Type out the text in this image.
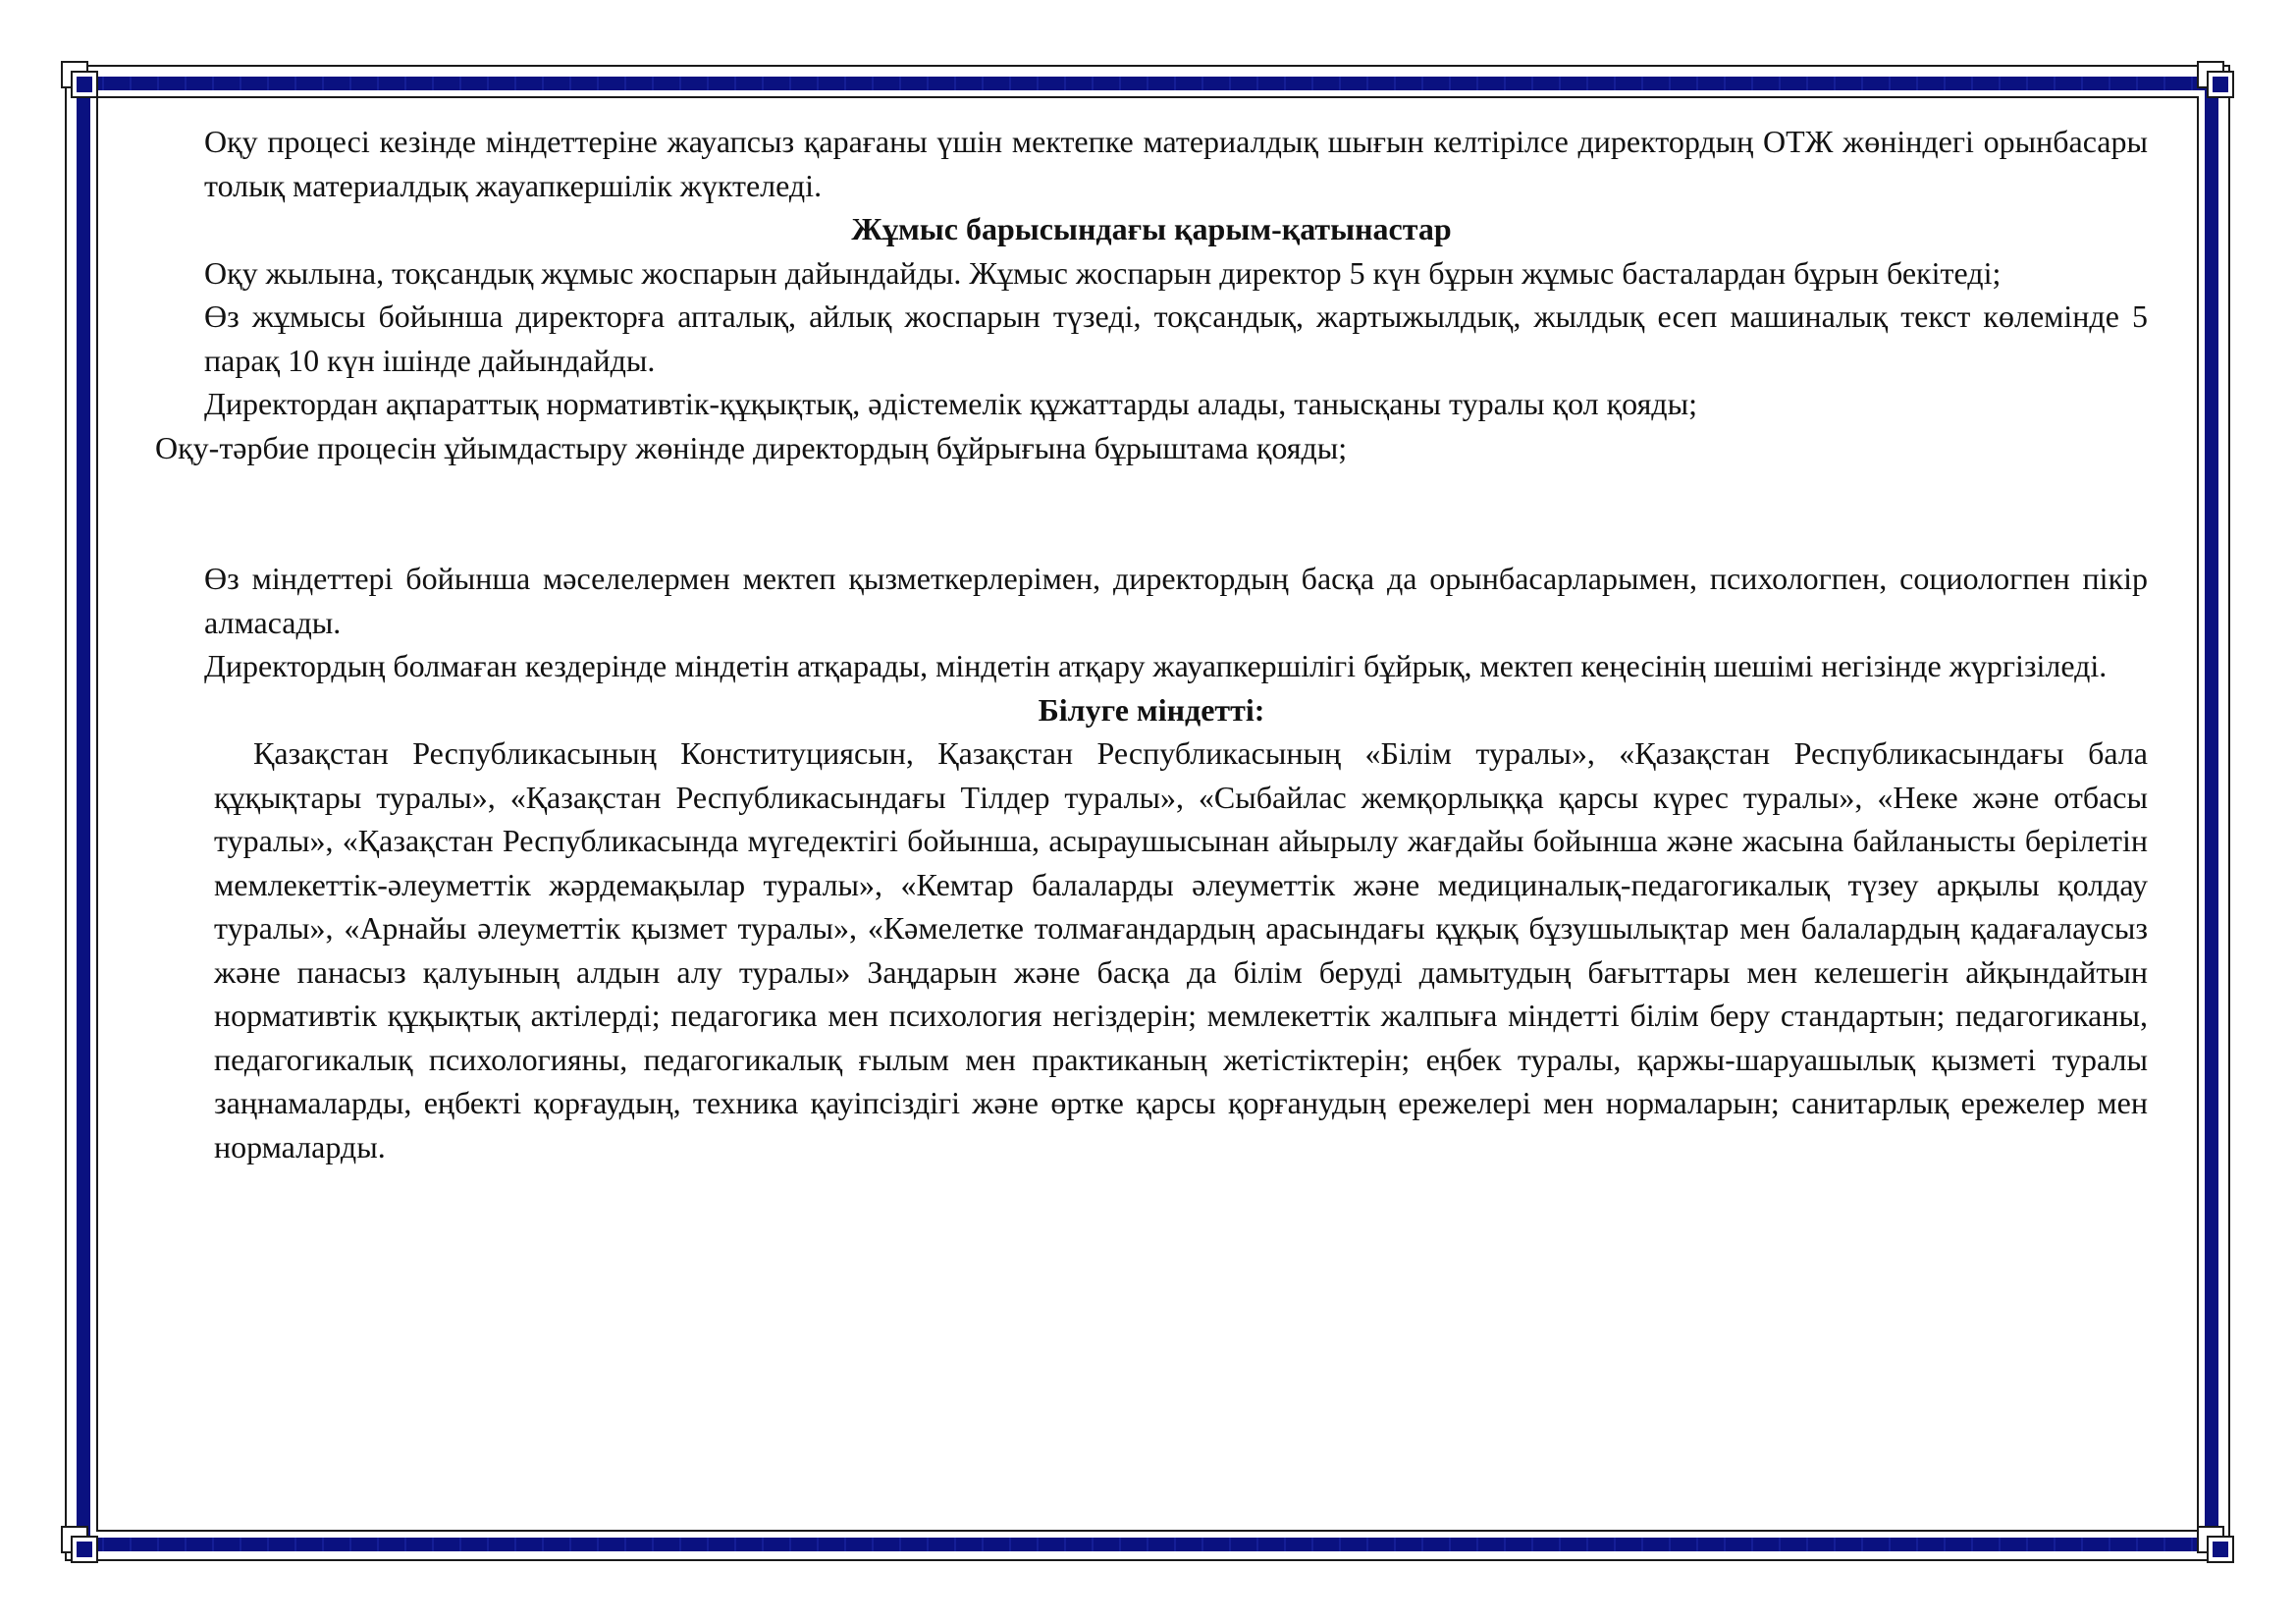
Оқу процесі кезінде міндеттеріне жауапсыз қарағаны үшін мектепке материалдық шығын келтірілсе директордың ОТЖ жөніндегі орынбасары толық материалдық жауапкершілік жүктеледі.

Жұмыс барысындағы қарым-қатынастар

Оқу жылына, тоқсандық жұмыс жоспарын дайындайды. Жұмыс жоспарын директор 5 күн бұрын жұмыс басталардан бұрын бекітеді;

Өз жұмысы бойынша директорға апталық, айлық жоспарын түзеді, тоқсандық, жартыжылдық, жылдық есеп машиналық текст көлемінде 5 парақ 10 күн ішінде дайындайды.

Директордан ақпараттық нормативтік-құқықтық, әдістемелік құжаттарды алады, танысқаны туралы қол қояды;

Оқу-тәрбие процесін ұйымдастыру жөнінде директордың бұйрығына бұрыштама қояды;

Өз міндеттері бойынша мәселелермен мектеп қызметкерлерімен, директордың басқа да орынбасарларымен, психологпен, социологпен пікір алмасады.

Директордың болмаған кездерінде міндетін атқарады, міндетін атқару жауапкершілігі бұйрық, мектеп кеңесінің шешімі негізінде жүргізіледі.

Білуге міндетті:

Қазақстан Республикасының Конституциясын, Қазақстан Республикасының «Білім туралы», «Қазақстан Республикасындағы бала құқықтары туралы», «Қазақстан Республикасындағы Тілдер туралы», «Сыбайлас жемқорлыққа қарсы күрес туралы», «Неке және отбасы туралы», «Қазақстан Республикасында мүгедектігі бойынша, асыраушысынан айырылу жағдайы бойынша және жасына байланысты берілетін мемлекеттік-әлеуметтік жәрдемақылар туралы», «Кемтар балаларды әлеуметтік және медициналық-педагогикалық түзеу арқылы қолдау туралы», «Арнайы әлеуметтік қызмет туралы», «Кәмелетке толмағандардың арасындағы құқық бұзушылықтар мен балалардың қадағалаусыз және панасыз қалуының алдын алу туралы» Заңдарын және басқа да білім беруді дамытудың бағыттары мен келешегін айқындайтын нормативтік құқықтық актілерді; педагогика мен психология негіздерін; мемлекеттік жалпыға міндетті білім беру стандартын; педагогиканы, педагогикалық психологияны, педагогикалық ғылым мен практиканың жетістіктерін; еңбек туралы, қаржы-шаруашылық қызметі туралы заңнамаларды, еңбекті қорғаудың, техника қауіпсіздігі және өртке қарсы қорғанудың ережелері мен нормаларын; санитарлық ережелер мен нормаларды.
